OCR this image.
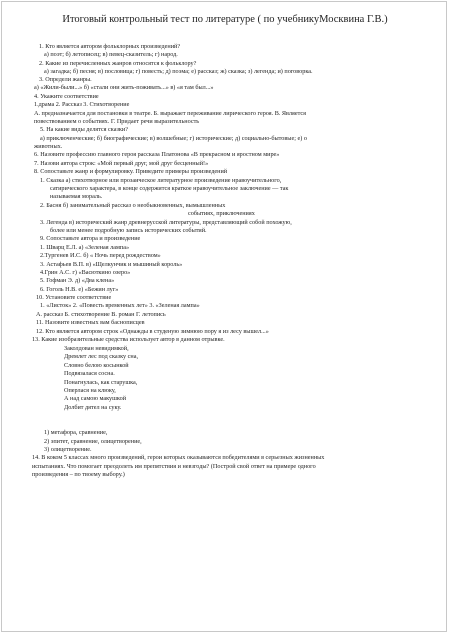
Итоговый контрольный тест по литературе ( по учебникуМосквина Г.В.)
1. Кто является автором фольклорных произведений?
а) поэт; б) летописец; в) певец-сказитель; г) народ.
2. Какие из перечисленных жанров относятся к фольклору?
а) загадка; б) песня; в) пословица; г) повесть; д) поэма; е) рассказ; ж) сказка; з) легенда; и) поговорка.
3. Определи жанры.
а) «Жили-были...» б) «стали они жить-поживать...» в) «я там был...»
4. Укажите соответствие
1.драма 2. Рассказ 3. Стихотворение
А. предназначается для постановки в театре. Б. выражает переживание лирического героя. В. Является
повествованием о событиях. Г. Придает речи выразительность
5. На какие виды делятся сказки?
а) приключенческие; б) биографические; в) волшебные; г) исторические; д) социально-бытовые; е) о
животных.
6. Назовите профессию главного героя рассказа Платонова «В прекрасном и яростном мире»
7. Назови автора строк: «Мой первый друг, мой друг бесценный!»
8. Сопоставьте жанр и формулировку. Приведите примеры произведений
1. Сказка а) стихотворное или прозаическое литературное произведение нравоучительного,
сатирического характера, в конце содержится краткое нравоучительное заключение — так
называемая мораль.
2. Басня б) занимательный рассказ о необыкновенных, вымышленных
событиях, приключениях
3. Легенда в) исторический жанр древнерусской литературы, представляющий собой похожую,
более или менее подробную запись исторических событий.
9. Сопоставьте автора и произведение
1. Шварц Е.Л. а) «Зеленая лампа»
2.Тургенев И.С. б) « Ночь перед рождеством»
3. Астафьев В.П. в) «Щелкунчик и мышиный король»
4.Грин А.С. г) «Васюткино озеро»
5. Гофман Э. д) «Два клена»
6. Гоголь Н.В. е) «Бежин луг»
10. Установите соответствие
1. «Листок» 2. «Повесть временных лет» 3. «Зеленая лампа»
А. рассказ Б. стихотворение В. роман Г. летопись
11. Назовите известных вам баснописцев
12. Кто является автором строк «Однажды в студеную зимнюю пору я из лесу вышел...»
13. Какие изобразительные средства использует автор в данном отрывке.
Заколдован невидимкой,
Дремлет лес под сказку сна,
Словно белою косынкой
Подвязалася сосна.
Понагнулась, как старушка,
Оперлася на клюку,
А над самою макушкой
Долбит дятел на суку.
1) метафора, сравнение,
2) эпитет, сравнение, олицетворение,
3) олицетворение.
14. В коком 5 классах много произведений, герои которых оказываются победителями в серьезных жизненных
испытаниях. Что помогает преодолеть им препятствия и невзгоды? (Построй свой ответ на примере одного
произведения – по твоему выбору.)
